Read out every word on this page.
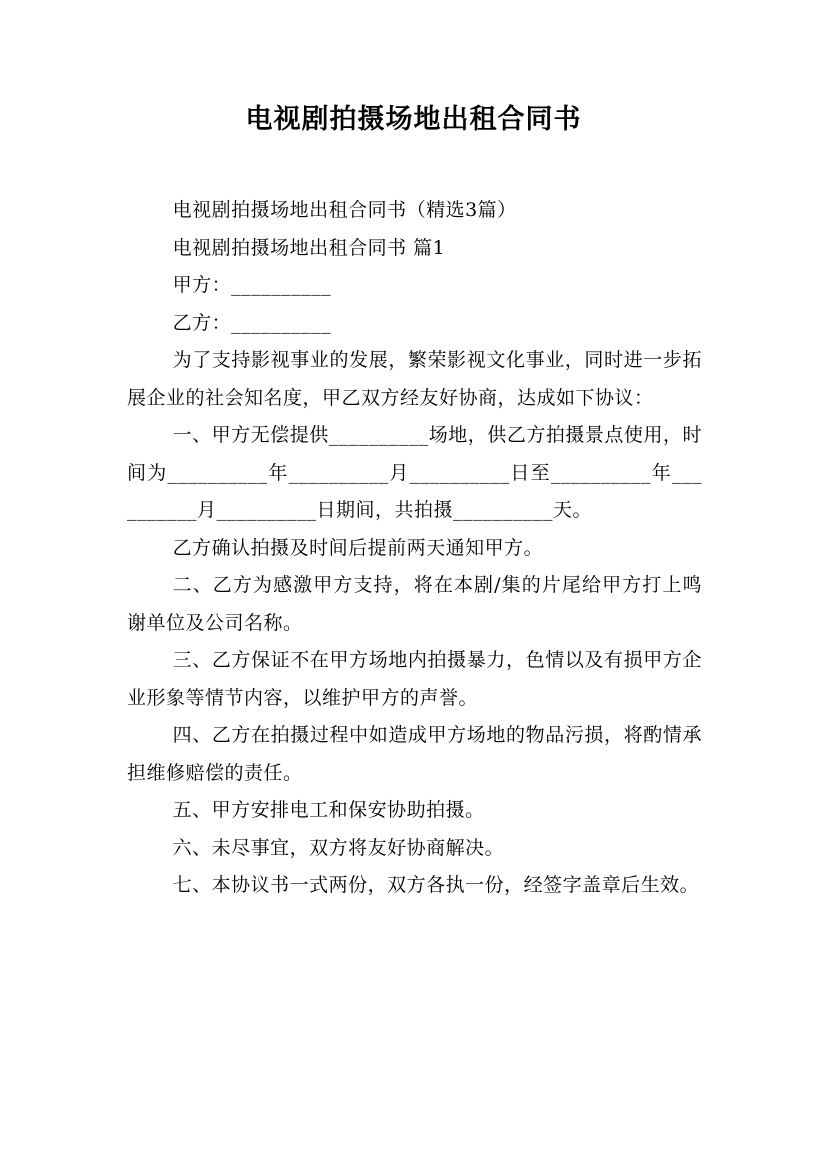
电视剧拍摄场地出租合同书

电视剧拍摄场地出租合同书（精选3篇）

电视剧拍摄场地出租合同书 篇1

甲方：__________

乙方：__________

为了支持影视事业的发展，繁荣影视文化事业，同时进一步拓展企业的社会知名度，甲乙双方经友好协商，达成如下协议：

一、甲方无偿提供__________场地，供乙方拍摄景点使用，时间为__________年__________月__________日至__________年__________月__________日期间，共拍摄__________天。

乙方确认拍摄及时间后提前两天通知甲方。

二、乙方为感激甲方支持，将在本剧/集的片尾给甲方打上鸣谢单位及公司名称。

三、乙方保证不在甲方场地内拍摄暴力，色情以及有损甲方企业形象等情节内容，以维护甲方的声誉。

四、乙方在拍摄过程中如造成甲方场地的物品污损，将酌情承担维修赔偿的责任。

五、甲方安排电工和保安协助拍摄。

六、未尽事宜，双方将友好协商解决。

七、本协议书一式两份，双方各执一份，经签字盖章后生效。
